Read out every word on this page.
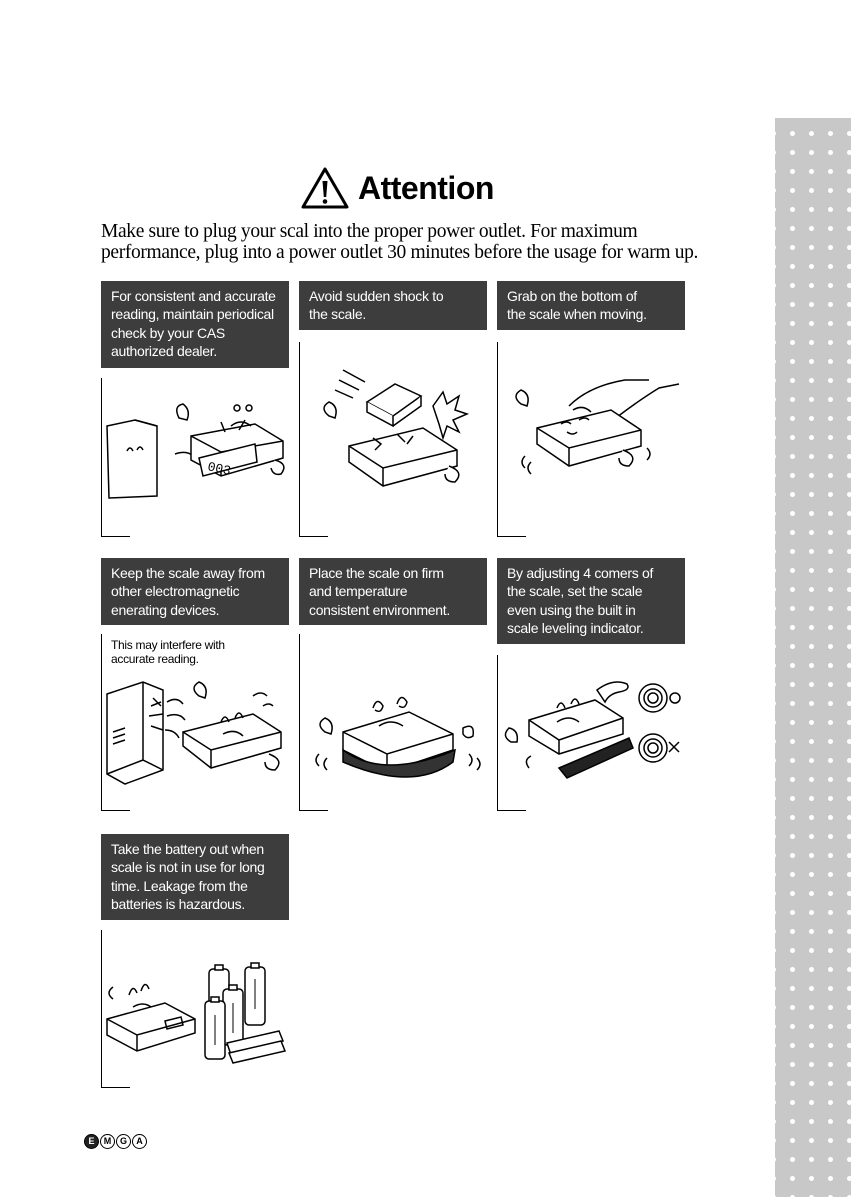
Attention

Make sure to plug your scal into the proper power outlet. For maximum

performance, plug into a power outlet 30 minutes before the usage for warm up.

For consistent and accurate
reading, maintain periodical
check by your CAS
authorized dealer.
003
Avoid sudden shock to
the scale.
Grab on the bottom of
the scale when moving.
Keep the scale away from
other electromagnetic
enerating devices.
This may interfere with
accurate reading.
Place the scale on firm
and temperature
consistent environment.
By adjusting 4 comers of
the scale, set the scale
even using the built in
scale leveling indicator.
Take the battery out when
scale is not in use for long
time. Leakage from the
batteries is hazardous.
E	M G	A
